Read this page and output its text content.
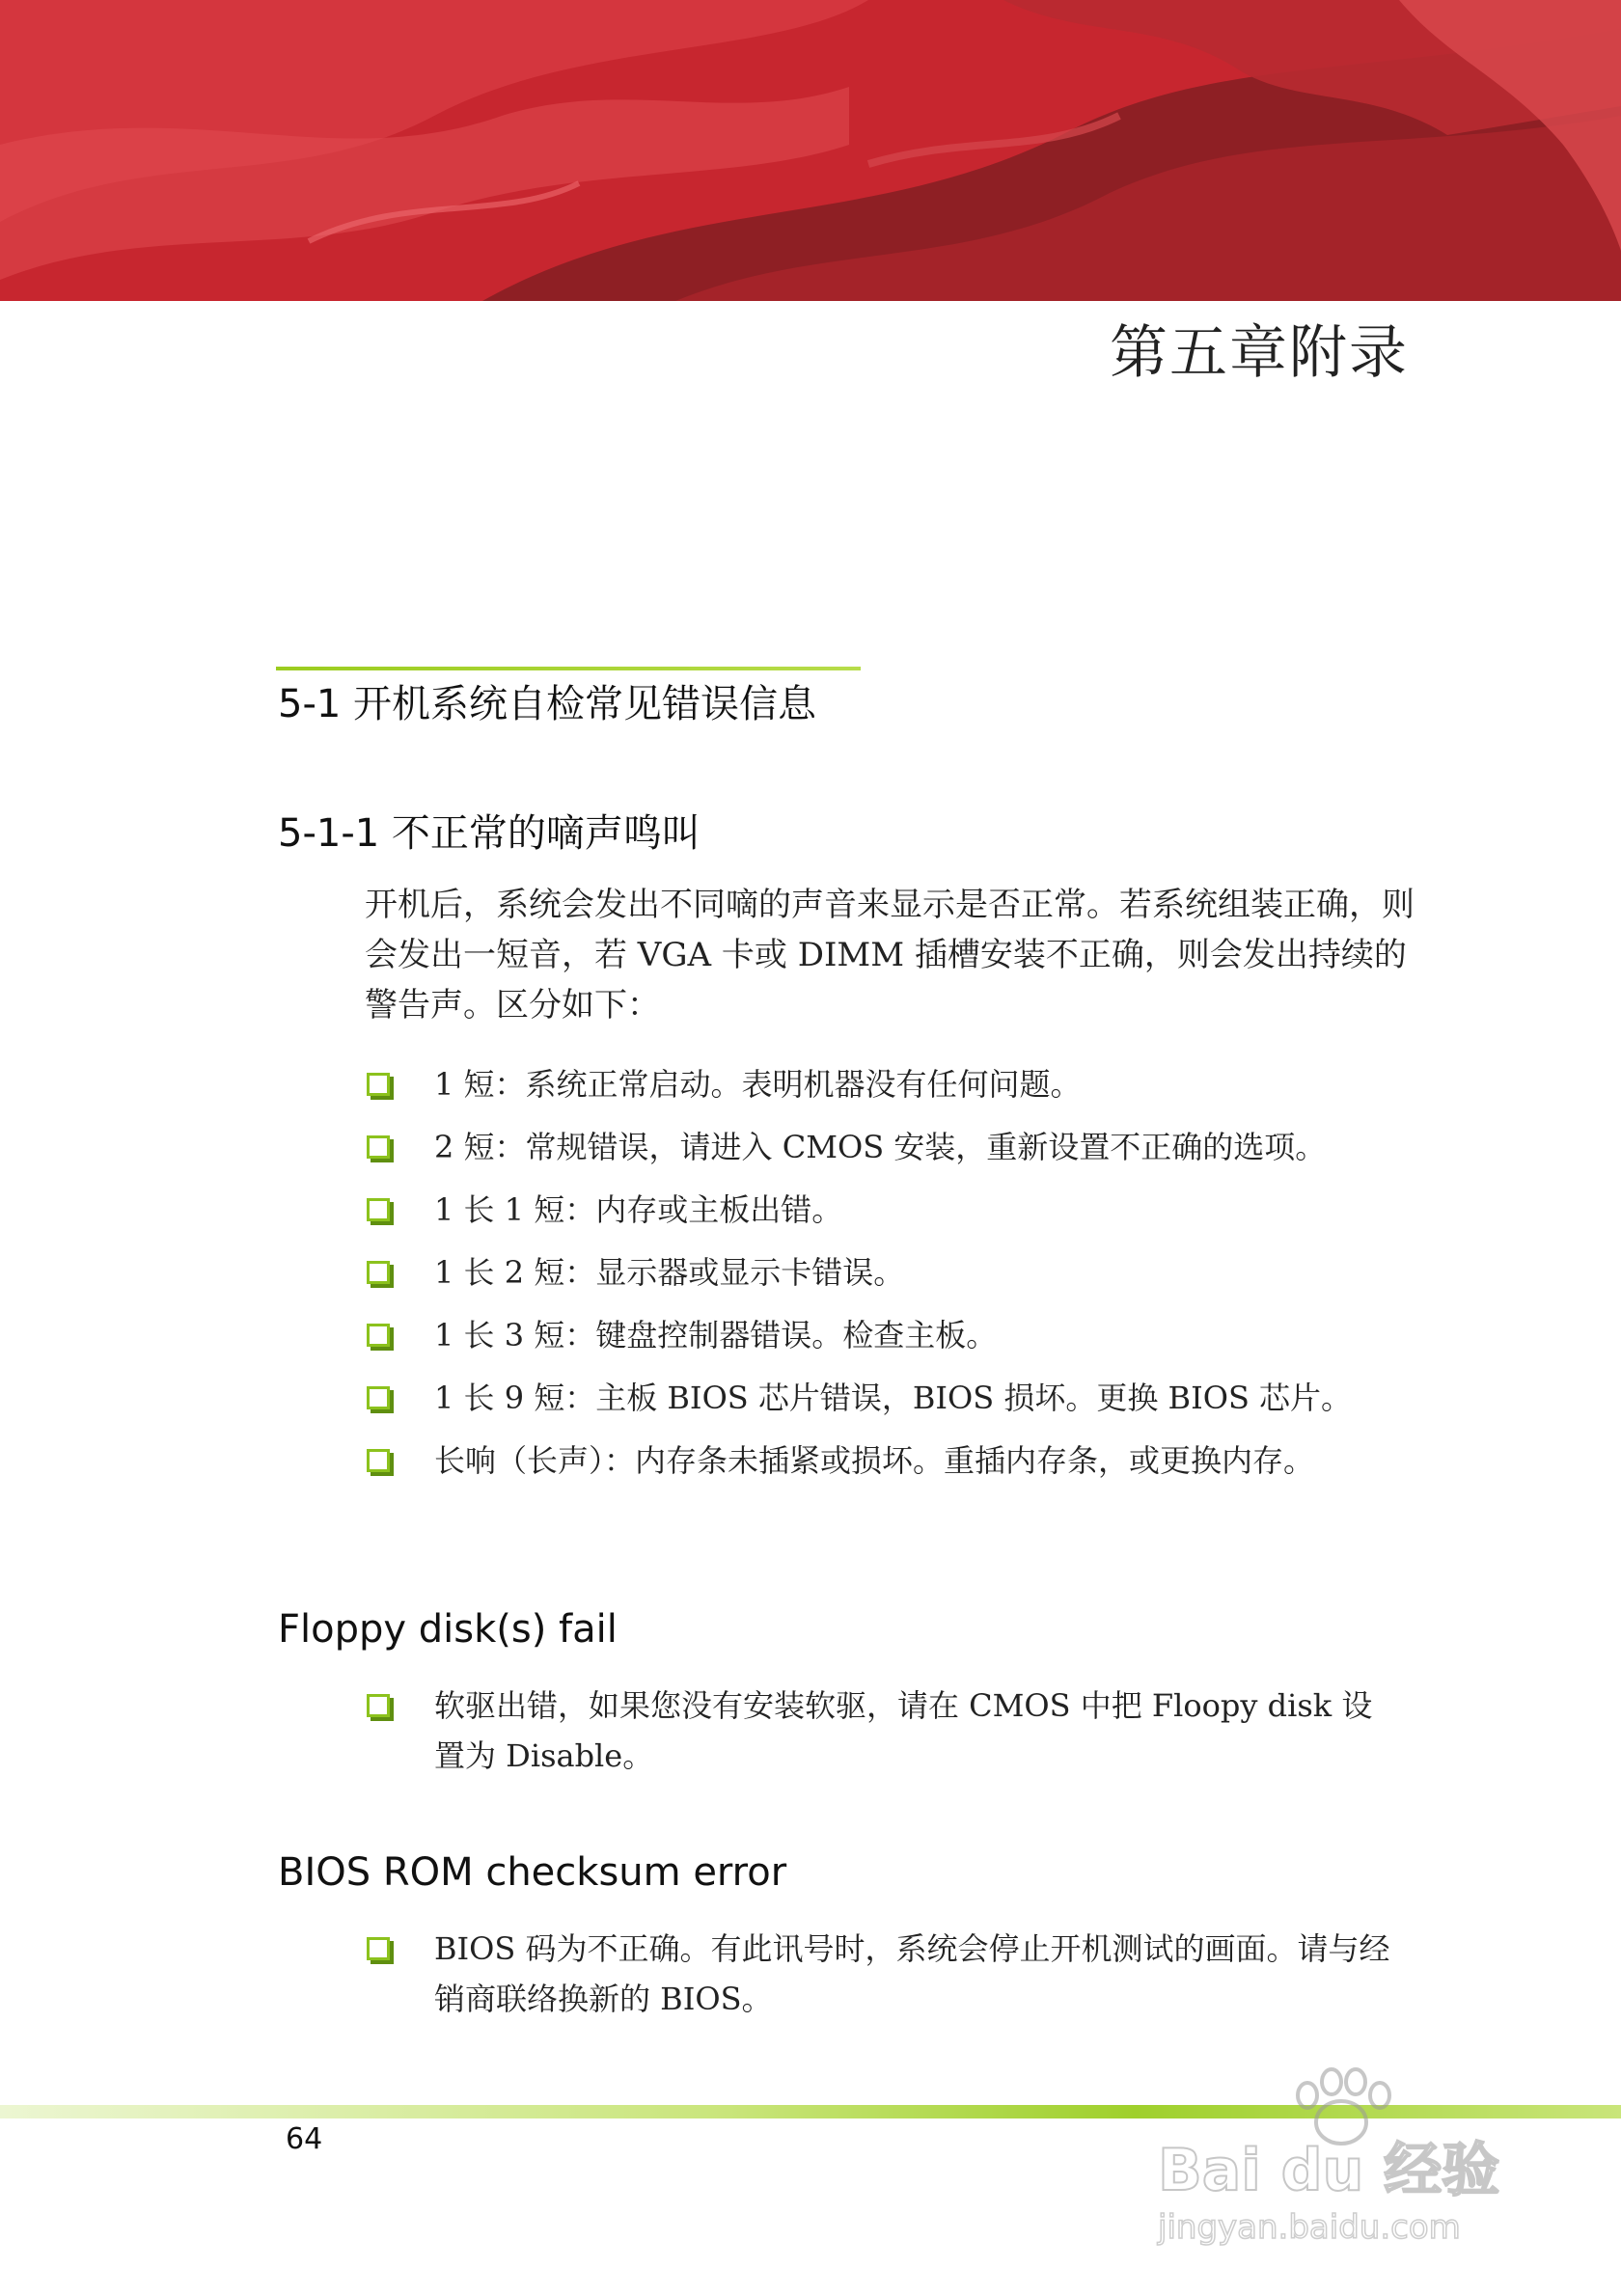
第五章附录
5-1 开机系统自检常见错误信息
5-1-1 不正常的嘀声鸣叫

开机后，系统会发出不同嘀的声音来显示是否正常。若系统组装正确，则会发出一短音，若 VGA 卡或 DIMM 插槽安装不正确，则会发出持续的警告声。区分如下：

1 短：系统正常启动。表明机器没有任何问题。
2 短：常规错误，请进入 CMOS 安装，重新设置不正确的选项。
1 长 1 短：内存或主板出错。
1 长 2 短：显示器或显示卡错误。
1 长 3 短：键盘控制器错误。检查主板。
1 长 9 短：主板 BIOS 芯片错误，BIOS 损坏。更换 BIOS 芯片。
长响（长声）：内存条未插紧或损坏。重插内存条，或更换内存。
Floppy disk(s) fail
软驱出错，如果您没有安装软驱，请在 CMOS 中把 Floopy disk 设置为 Disable。
BIOS ROM checksum error
BIOS 码为不正确。有此讯号时，系统会停止开机测试的画面。请与经销商联络换新的 BIOS。
64	Bai du 经验
jingyan.baidu.com
